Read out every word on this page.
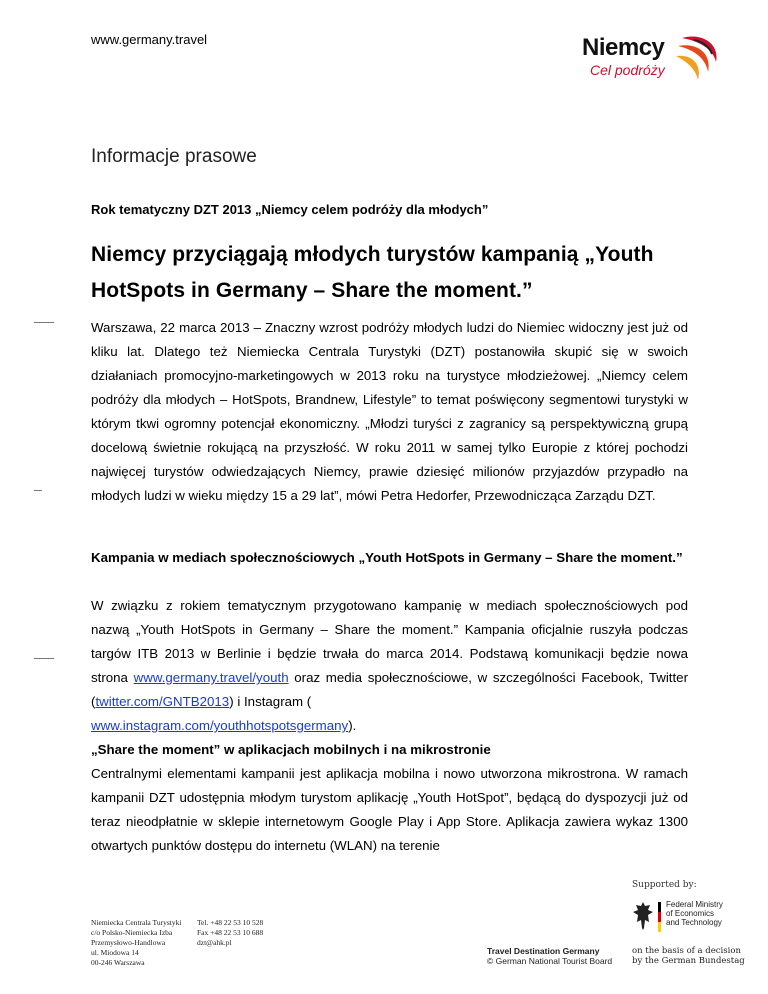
www.germany.travel	Niemcy
Cel podróży
Informacje prasowe
Rok tematyczny DZT 2013 „Niemcy celem podróży dla młodych”
Niemcy przyciągają młodych turystów kampanią „Youth HotSpots in Germany – Share the moment.”
Warszawa, 22 marca 2013 – Znaczny wzrost podróży młodych ludzi do Niemiec widoczny jest już od kliku lat. Dlatego też Niemiecka Centrala Turystyki (DZT) postanowiła skupić się w swoich działaniach promocyjno-marketingowych w 2013 roku na turystyce młodzieżowej. „Niemcy celem podróży dla młodych – HotSpots, Brandnew, Lifestyle” to temat poświęcony segmentowi turystyki w którym tkwi ogromny potencjał ekonomiczny. „Młodzi turyści z zagranicy są perspektywiczną grupą docelową świetnie rokującą na przyszłość. W roku 2011 w samej tylko Europie z której pochodzi najwięcej turystów odwiedzających Niemcy, prawie dziesięć milionów przyjazdów przypadło na młodych ludzi w wieku między 15 a 29 lat”, mówi Petra Hedorfer, Przewodnicząca Zarządu DZT.
Kampania w mediach społecznościowych „Youth HotSpots in Germany – Share the moment.”
W związku z rokiem tematycznym przygotowano kampanię w mediach społecznościowych pod nazwą „Youth HotSpots in Germany – Share the moment.” Kampania oficjalnie ruszyła podczas targów ITB 2013 w Berlinie i będzie trwała do marca 2014. Podstawą komunikacji będzie nowa strona www.germany.travel/youth oraz media społecznościowe, w szczególności Facebook, Twitter (twitter.com/GNTB2013) i Instagram (
www.instagram.com/youthhotspotsgermany).
„Share the moment” w aplikacjach mobilnych i na mikrostronie
Centralnymi elementami kampanii jest aplikacja mobilna i nowo utworzona mikrostrona. W ramach kampanii DZT udostępnia młodym turystom aplikację „Youth HotSpot”, będącą do dyspozycji już od teraz nieodpłatnie w sklepie internetowym Google Play i App Store. Aplikacja zawiera wykaz 1300 otwartych punktów dostępu do internetu (WLAN) na terenie
Supported by:
Niemiecka Centrala Turystyki
c/o Polsko-Niemiecka Izba
Przemysłowo-Handlowa
ul. Miodowa 14
00-246 Warszawa
Tel. +48 22 53 10 528
Fax +48 22 53 10 688
dzt@ahk.pl
Travel Destination Germany
© German National Tourist Board
Federal Ministry
of Economics
and Technology
on the basis of a decision
by the German Bundestag
